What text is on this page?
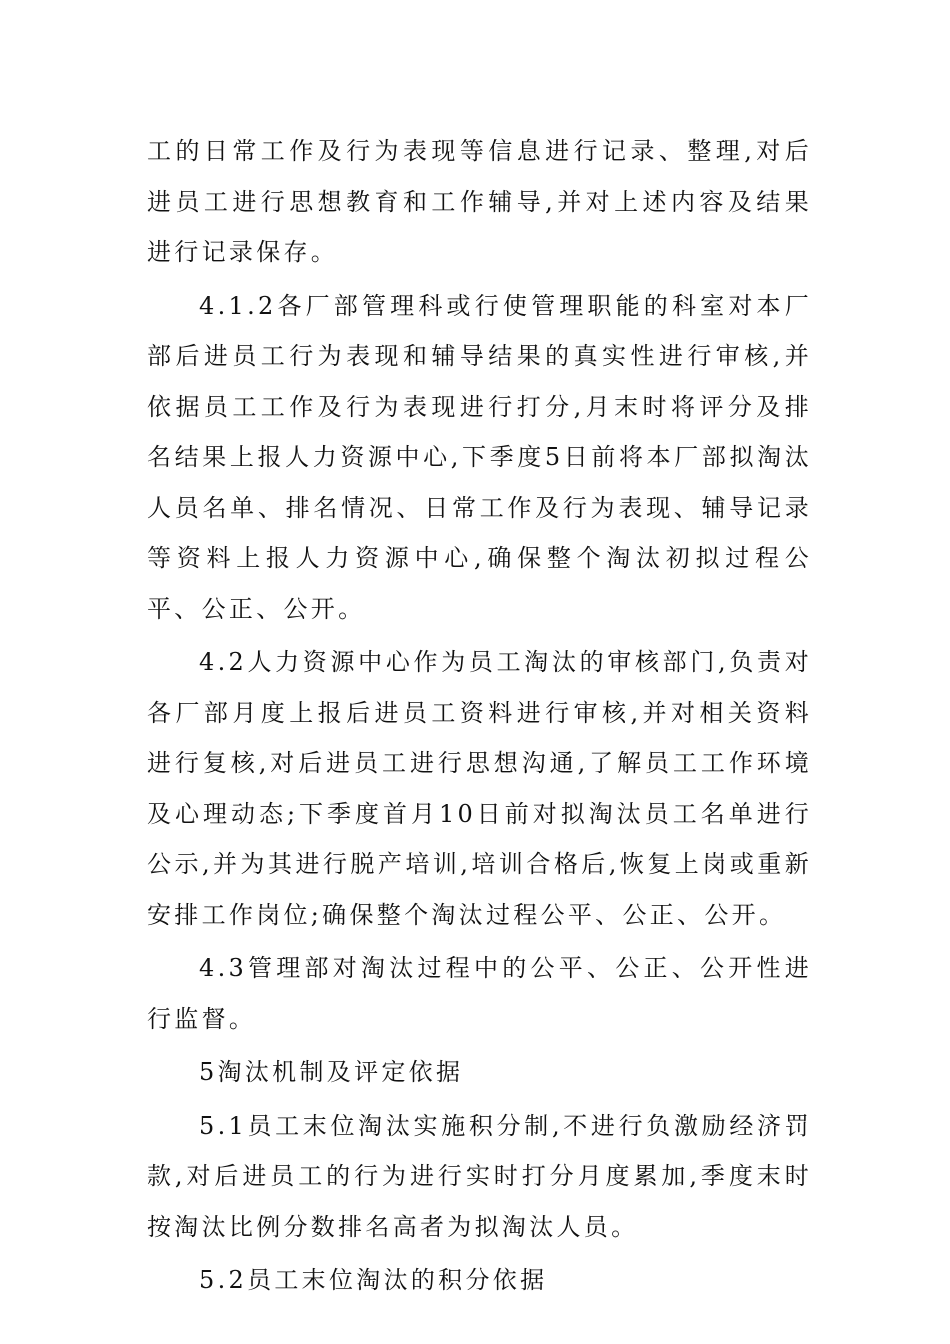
工的日常工作及行为表现等信息进行记录、整理,对后进员工进行思想教育和工作辅导,并对上述内容及结果进行记录保存。

4.1.2各厂部管理科或行使管理职能的科室对本厂部后进员工行为表现和辅导结果的真实性进行审核,并依据员工工作及行为表现进行打分,月末时将评分及排名结果上报人力资源中心,下季度5日前将本厂部拟淘汰人员名单、排名情况、日常工作及行为表现、辅导记录等资料上报人力资源中心,确保整个淘汰初拟过程公平、公正、公开。

4.2人力资源中心作为员工淘汰的审核部门,负责对各厂部月度上报后进员工资料进行审核,并对相关资料进行复核,对后进员工进行思想沟通,了解员工工作环境及心理动态;下季度首月10日前对拟淘汰员工名单进行公示,并为其进行脱产培训,培训合格后,恢复上岗或重新安排工作岗位;确保整个淘汰过程公平、公正、公开。

4.3管理部对淘汰过程中的公平、公正、公开性进行监督。

5淘汰机制及评定依据

5.1员工末位淘汰实施积分制,不进行负激励经济罚款,对后进员工的行为进行实时打分月度累加,季度末时按淘汰比例分数排名高者为拟淘汰人员。

5.2员工末位淘汰的积分依据
